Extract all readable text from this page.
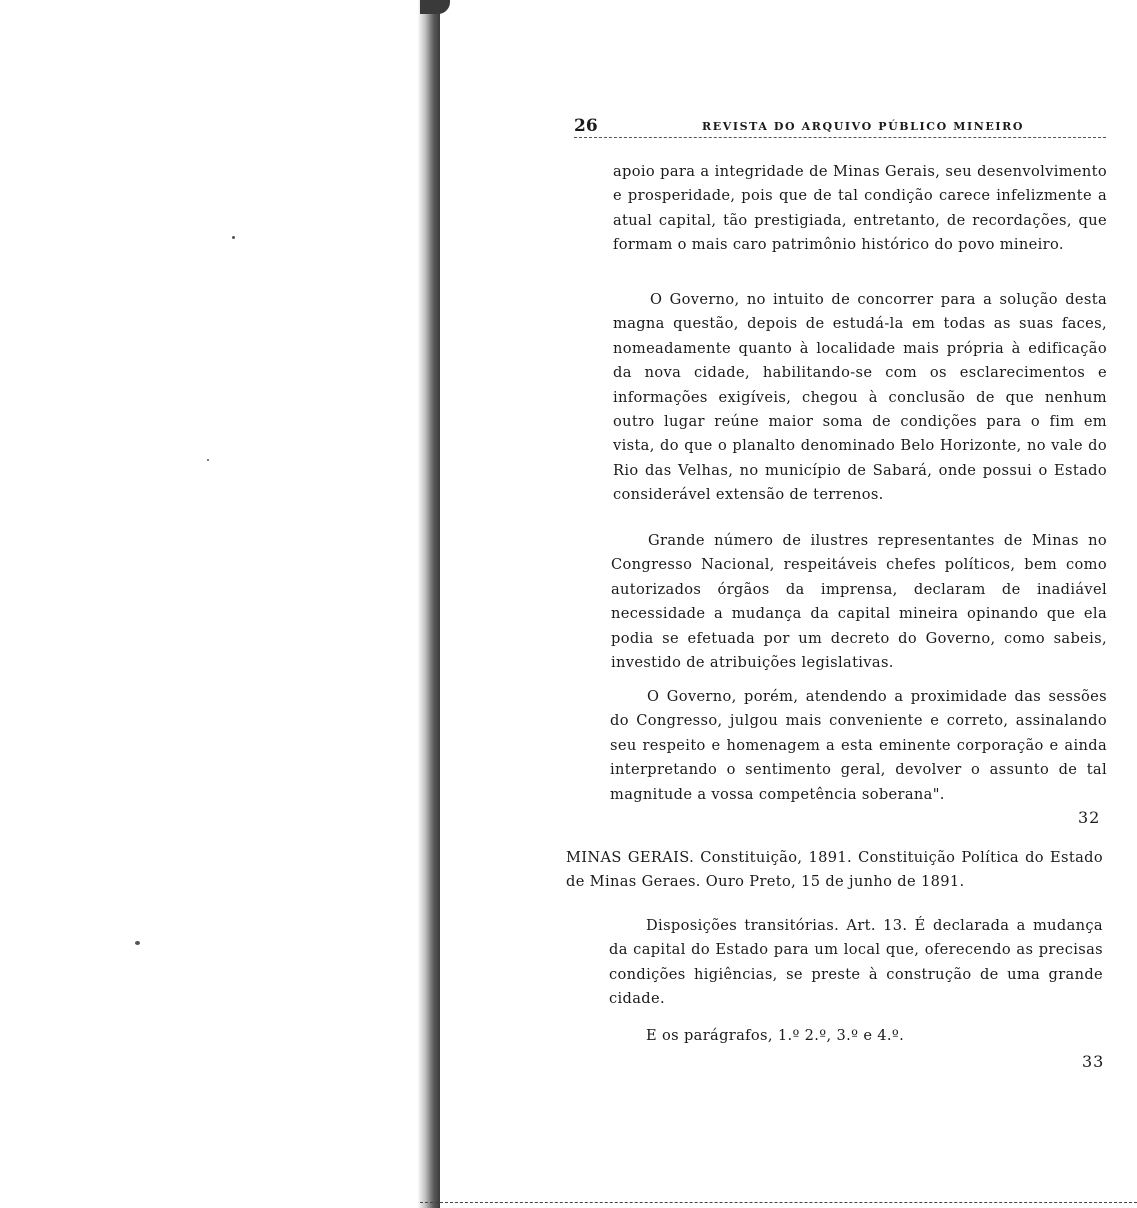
26	REVISTA DO ARQUIVO PÚBLICO MINEIRO

apoio para a integridade de Minas Gerais, seu desenvolvimento e prosperidade, pois que de tal condição carece infelizmente a atual capital, tão prestigiada, entretanto, de recordações, que formam o mais caro patrimônio histórico do povo mineiro.

O Governo, no intuito de concorrer para a solução desta magna questão, depois de estudá-la em todas as suas faces, nomeadamente quanto à localidade mais própria à edificação da nova cidade, habilitando-se com os esclarecimentos e informações exigíveis, chegou à conclusão de que nenhum outro lugar reúne maior soma de condições para o fim em vista, do que o planalto denominado Belo Horizonte, no vale do Rio das Velhas, no município de Sabará, onde possui o Estado considerável extensão de terrenos.

Grande número de ilustres representantes de Minas no Congresso Nacional, respeitáveis chefes políticos, bem como autorizados órgãos da imprensa, declaram de inadiável necessidade a mudança da capital mineira opinando que ela podia se efetuada por um decreto do Governo, como sabeis, investido de atribuições legislativas.

O Governo, porém, atendendo a proximidade das sessões do Congresso, julgou mais conveniente e correto, assinalando seu respeito e homenagem a esta eminente corporação e ainda interpretando o sentimento geral, devolver o assunto de tal magnitude a vossa competência soberana".

32

MINAS GERAIS. Constituição, 1891. Constituição Política do Estado de Minas Geraes. Ouro Preto, 15 de junho de 1891.

Disposições transitórias. Art. 13. É declarada a mudança da capital do Estado para um local que, oferecendo as precisas condições higiências, se preste à construção de uma grande cidade.

E os parágrafos, 1.º 2.º, 3.º e 4.º.

33
